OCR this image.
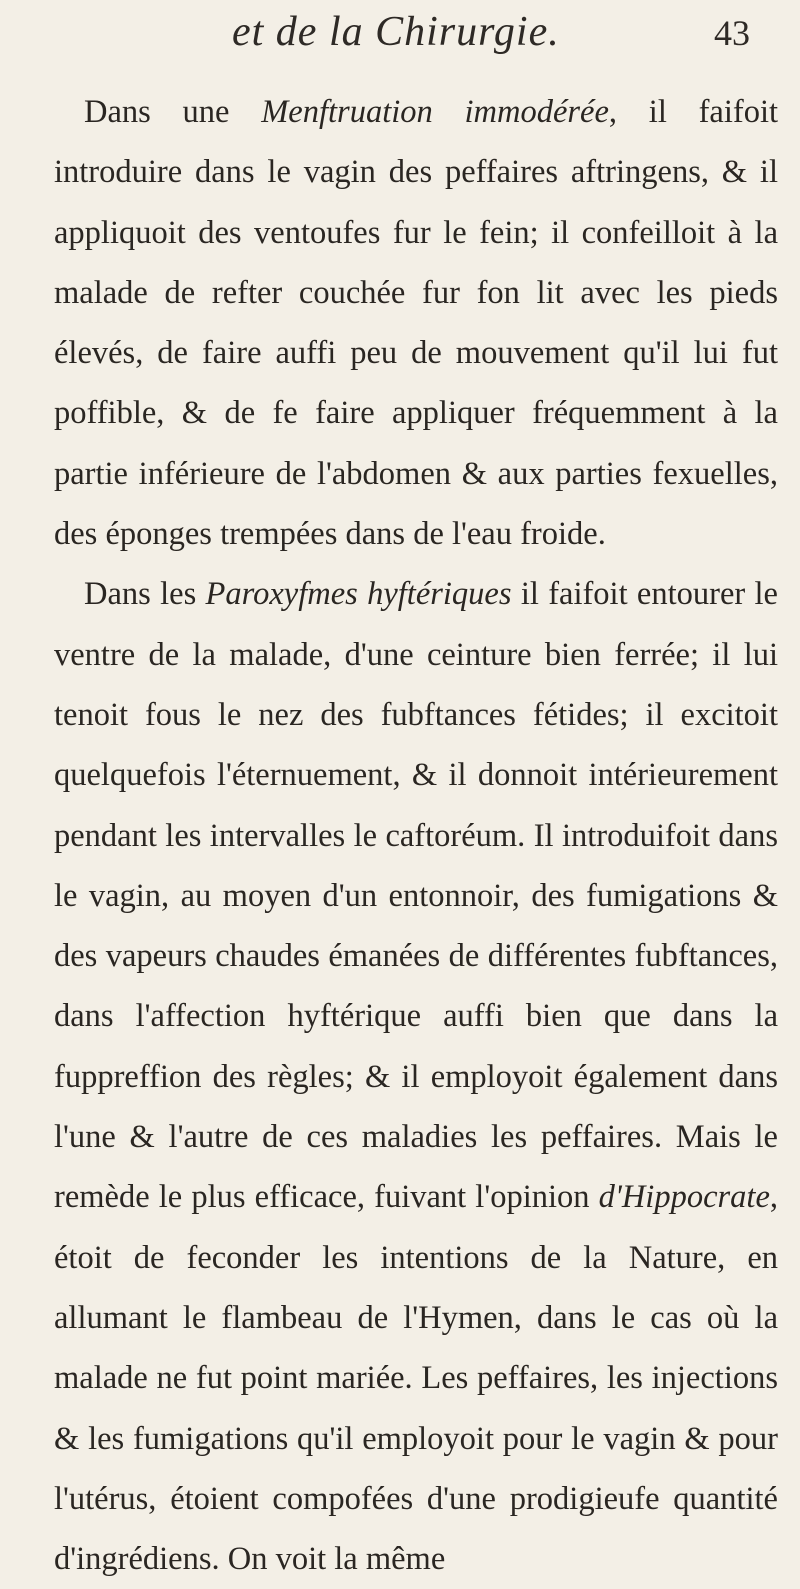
et de la Chirurgie.	43

Dans une Menftruation immodérée, il faifoit introduire dans le vagin des peffaires aftringens, & il appliquoit des ventoufes fur le fein; il confeilloit à la malade de refter couchée fur fon lit avec les pieds élevés, de faire auffi peu de mouvement qu'il lui fut poffible, & de fe faire appliquer fréquemment à la partie inférieure de l'abdomen & aux parties fexuelles, des éponges trempées dans de l'eau froide.

Dans les Paroxyfmes hyftériques il faifoit entourer le ventre de la malade, d'une ceinture bien ferrée; il lui tenoit fous le nez des fubftances fétides; il excitoit quelquefois l'éternuement, & il donnoit intérieurement pendant les intervalles le caftoréum. Il introduifoit dans le vagin, au moyen d'un entonnoir, des fumigations & des vapeurs chaudes émanées de différentes fubftances, dans l'affection hyftérique auffi bien que dans la fuppreffion des règles; & il employoit également dans l'une & l'autre de ces maladies les peffaires. Mais le remède le plus efficace, fuivant l'opinion d'Hippocrate, étoit de feconder les intentions de la Nature, en allumant le flambeau de l'Hymen, dans le cas où la malade ne fut point mariée. Les peffaires, les injections & les fumigations qu'il employoit pour le vagin & pour l'utérus, étoient compofées d'une prodigieufe quantité d'ingrédiens. On voit la même
